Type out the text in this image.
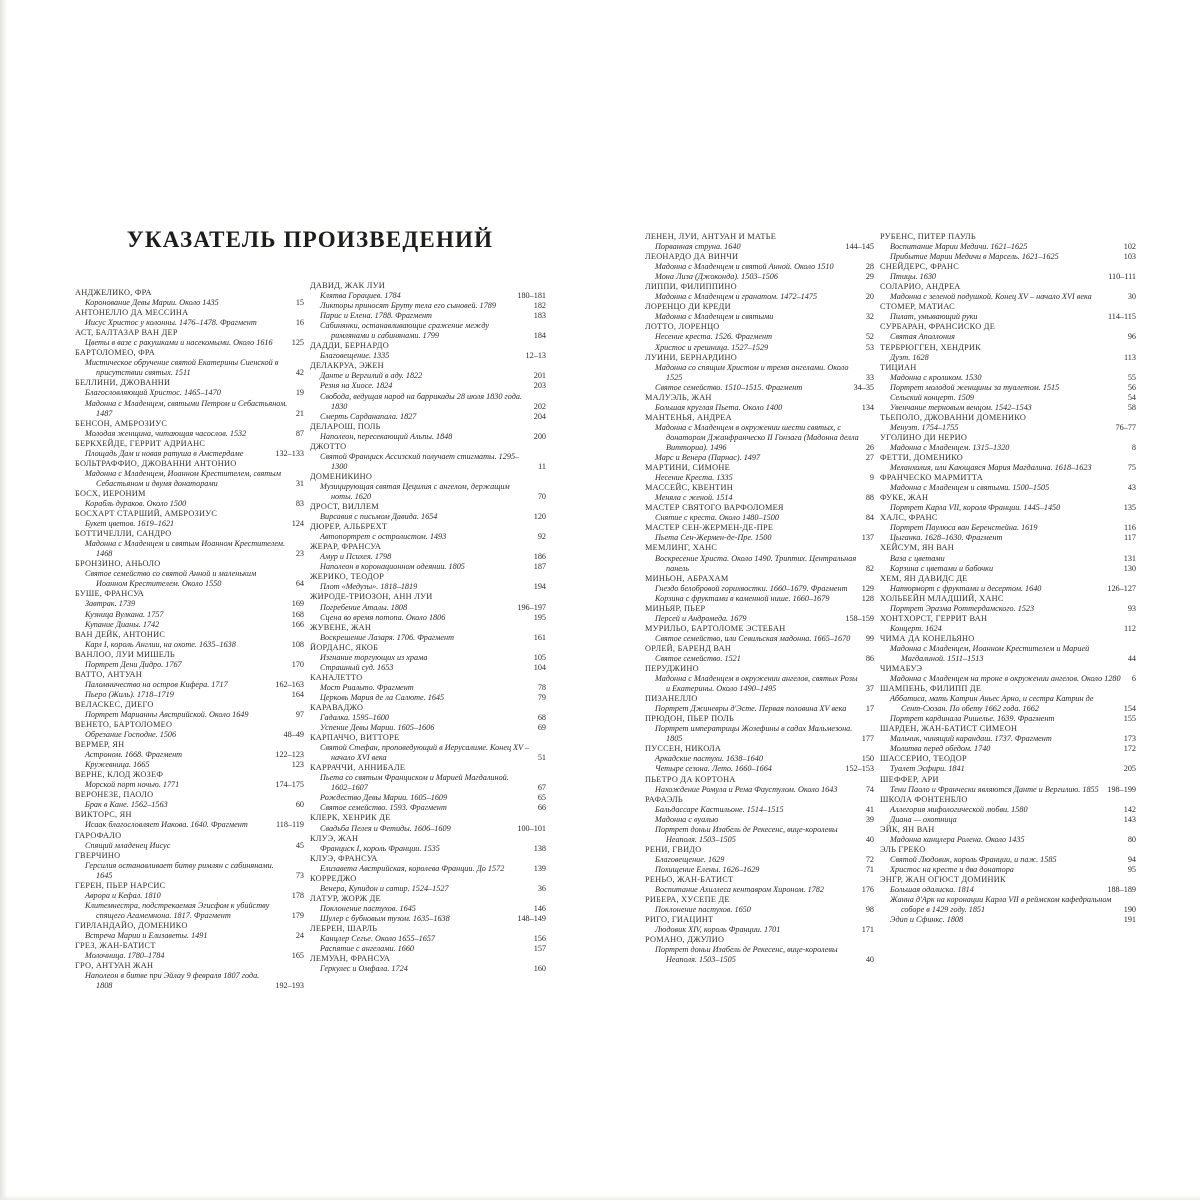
УКАЗАТЕЛЬ ПРОИЗВЕДЕНИЙ
АНДЖЕЛИКО, ФРА
Коронование Девы Марии. Около 1435	15
АНТОНЕЛЛО ДА МЕССИНА
Иисус Христос у колонны. 1476–1478. Фрагмент	16
АСТ, БАЛТАЗАР ВАН ДЕР
Цветы в вазе с ракушками и насекомыми. Около 1616	125
БАРТОЛОМЕО, ФРА
Мистическое обручение святой Екатерины Сиенской в присутствии святых. 1511	42
БЕЛЛИНИ, ДЖОВАННИ
Благословляющий Христос. 1465–1470	19
Мадонна с Младенцем, святыми Петром и Себастьяном. 1487	21
БЕНСОН, АМБРОЗИУС
Молодая женщина, читающая часослов. 1532	87
БЕРКХЕЙДЕ, ГЕРРИТ АДРИАНС
Площадь Дам и новая ратуша в Амстердаме	132–133
БОЛЬТРАФФИО, ДЖОВАННИ АНТОНИО
Мадонна с Младенцем, Иоанном Крестителем, святым Себастьяном и двумя донаторами	31
БОСХ, ИЕРОНИМ
Корабль дураков. Около 1500	83
БОСХАРТ СТАРШИЙ, АМБРОЗИУС
Букет цветов. 1619–1621	124
БОТТИЧЕЛЛИ, САНДРО
Мадонна с Младенцем и святым Иоанном Крестителем. 1468	23
БРОНЗИНО, АНЬОЛО
Святое семейство со святой Анной и маленьким Иоанном Крестителем. Около 1550	64
БУШЕ, ФРАНСУА
Завтрак. 1739	169
Кузница Вулкана. 1757	168
Купание Дианы. 1742	166
ВАН ДЕЙК, АНТОНИС
Карл I, король Англии, на охоте. 1635–1638	108
ВАНЛОО, ЛУИ МИШЕЛЬ
Портрет Дени Дидро. 1767	170
ВАТТО, АНТУАН
Паломничество на остров Кифера. 1717	162–163
Пьеро (Жиль). 1718–1719	164
ВЕЛАСКЕС, ДИЕГО
Портрет Марианны Австрийской. Около 1649	97
ВЕНЕТО, БАРТОЛОМЕО
Обрезание Господне. 1506	48–49
ВЕРМЕР, ЯН
Астроном. 1668. Фрагмент	122–123
Кружевница. 1665	123
ВЕРНЕ, КЛОД ЖОЗЕФ
Морской порт ночью. 1771	174–175
ВЕРОНЕЗЕ, ПАОЛО
Брак в Кане. 1562–1563	60
ВИКТОРС, ЯН
Исаак благословляет Иакова. 1640. Фрагмент	118–119
ГАРОФАЛО
Спящий младенец Иисус	45
ГВЕРЧИНО
Герсилия останавливает битву римлян с сабинянами. 1645	73
ГЕРЕН, ПЬЕР НАРСИС
Аврора и Кефал. 1810	178
Клитемнестра, подстрекаемая Эгисфом к убийству спящего Агамемнона. 1817. Фрагмент	179
ГИРЛАНДАЙО, ДОМЕНИКО
Встреча Марии и Елизаветы. 1491	24
ГРЕЗ, ЖАН-БАТИСТ
Молочница. 1780–1784	165
ГРО, АНТУАН ЖАН
Наполеон в битве при Эйлау 9 февраля 1807 года. 1808	192–193
ДАВИД, ЖАК ЛУИ
Клятва Горациев. 1784	180–181
Ликторы приносят Бруту тела его сыновей. 1789	182
Парис и Елена. 1788. Фрагмент	183
Сабинянки, останавливающие сражение между римлянами и сабинянами. 1799	184
ДАДДИ, БЕРНАРДО
Благовещение. 1335	12–13
ДЕЛАКРУА, ЭЖЕН
Данте и Вергилий в аду. 1822	201
Резня на Хиосе. 1824	203
Свобода, ведущая народ на баррикады 28 июля 1830 года. 1830	202
Смерть Сарданапала. 1827	204
ДЕЛАРОШ, ПОЛЬ
Наполеон, пересекающий Альпы. 1848	200
ДЖОТТО
Святой Франциск Ассизский получает стигматы. 1295–1300	11
ДОМЕНИКИНО
Музицирующая святая Цецилия с ангелом, держащим ноты. 1620	70
ДРОСТ, ВИЛЛЕМ
Вирсавия с письмом Давида. 1654	120
ДЮРЕР, АЛЬБРЕХТ
Автопортрет с остролистом. 1493	92
ЖЕРАР, ФРАНСУА
Амур и Психея. 1798	186
Наполеон в коронационном одеянии. 1805	187
ЖЕРИКО, ТЕОДОР
Плот «Медузы». 1818–1819	194
ЖИРОДЕ-ТРИОЗОН, АНН ЛУИ
Погребение Аталы. 1808	196–197
Сцена во время потопа. Около 1806	195
ЖУВЕНЕ, ЖАН
Воскрешение Лазаря. 1706. Фрагмент	161
ЙОРДАНС, ЯКОБ
Изгнание торгующих из храма	105
Страшный суд. 1653	104
КАНАЛЕТТО
Мост Риальто. Фрагмент	78
Церковь Мария де ла Салюте. 1645	79
КАРАВАДЖО
Гадалка. 1595–1600	68
Успение Девы Марии. 1605–1606	69
КАРПАЧЧО, ВИТТОРЕ
Святой Стефан, проповедующий в Иерусалиме. Конец XV – начало XVI века	51
КАРРАЧЧИ, АННИБАЛЕ
Пьета со святым Франциском и Марией Магдалиной. 1602–1607	67
Рождество Девы Марии. 1605–1609	65
Святое семейство. 1593. Фрагмент	66
КЛЕРК, ХЕНРИК ДЕ
Свадьба Пелея и Фетиды. 1606–1609	100–101
КЛУЭ, ЖАН
Франциск I, король Франции. 1535	138
КЛУЭ, ФРАНСУА
Елизавета Австрийская, королева Франции. До 1572	139
КОРРЕДЖО
Венера, Купидон и сатир. 1524–1527	36
ЛАТУР, ЖОРЖ ДЕ
Поклонение пастухов. 1645	146
Шулер с бубновым тузом. 1635–1638	148–149
ЛЕБРЕН, ШАРЛЬ
Канцлер Сегье. Около 1655–1657	156
Распятие с ангелами. 1660	157
ЛЕМУАН, ФРАНСУА
Геркулес и Омфала. 1724	160
ЛЕНЕН, ЛУИ, АНТУАН И МАТЬЕ
Порванная струна. 1640	144–145
ЛЕОНАРДО ДА ВИНЧИ
Мадонна с Младенцем и святой Анной. Около 1510	28
Мона Лиза (Джоконда). 1503–1506	29
ЛИППИ, ФИЛИППИНО
Мадонна с Младенцем и гранатом. 1472–1475	20
ЛОРЕНЦО ДИ КРЕДИ
Мадонна с Младенцем и святыми	32
ЛОТТО, ЛОРЕНЦО
Несение креста. 1526. Фрагмент	52
Христос и грешница. 1527–1529	53
ЛУИНИ, БЕРНАРДИНО
Мадонна со спящим Христом и тремя ангелами. Около 1525	33
Святое семейство. 1510–1515. Фрагмент	34–35
МАЛУЭЛЬ, ЖАН
Большая круглая Пьета. Около 1400	134
МАНТЕНЬЯ, АНДРЕА
Мадонна с Младенцем в окружении шести святых, с донатором Джанфранческо II Гонзага (Мадонна делла Витториа). 1496	26
Марс и Венера (Парнас). 1497	27
МАРТИНИ, СИМОНЕ
Несение Креста. 1335	9
МАССЕЙС, КВЕНТИН
Меняла с женой. 1514	88
МАСТЕР СВЯТОГО ВАРФОЛОМЕЯ
Снятие с креста. Около 1480–1500	84
МАСТЕР СЕН-ЖЕРМЕН-ДЕ-ПРЕ
Пьета Сен-Жермен-де-Пре. 1500	137
МЕМЛИНГ, ХАНС
Воскресение Христа. Около 1490. Триптих. Центральная панель	82
МИНЬОН, АБРАХАМ
Гнездо белобровой горихвостки. 1660–1679. Фрагмент	129
Корзина с фруктами в каменной нише. 1660–1679	128
МИНЬЯР, ПЬЕР
Персей и Андромеда. 1679	158–159
МУРИЛЬО, БАРТОЛОМЕ ЭСТЕБАН
Святое семейство, или Севильская мадонна. 1665–1670	99
ОРЛЕЙ, БАРЕНД ВАН
Святое семейство. 1521	86
ПЕРУДЖИНО
Мадонна с Младенцем в окружении ангелов, святых Розы и Екатерины. Около 1490–1495	37
ПИЗАНЕЛЛО
Портрет Джиневры д'Эсте. Первая половина XV века	17
ПРЮДОН, ПЬЕР ПОЛЬ
Портрет императрицы Жозефины в садах Мальмезона. 1805	177
ПУССЕН, НИКОЛА
Аркадские пастухи. 1638–1640	150
Четыре сезона. Лето. 1660–1664	152–153
ПЬЕТРО ДА КОРТОНА
Нахождение Ромула и Рема Фаустулом. Около 1643	74
РАФАЭЛЬ
Бальдассаре Кастильоне. 1514–1515	41
Мадонна с вуалью	39
Портрет доньи Изабель де Рекесенс, вице-королевы Неаполя. 1503–1505	40
РЕНИ, ГВИДО
Благовещение. 1629	72
Похищение Елены. 1626–1629	71
РЕНЬО, ЖАН-БАТИСТ
Воспитание Ахиллеса кентавром Хироном. 1782	176
РИБЕРА, ХУСЕПЕ ДЕ
Поклонение пастухов. 1650	98
РИГО, ГИАЦИНТ
Людовик XIV, король Франции. 1701	171
РОМАНО, ДЖУЛИО
Портрет доньи Изабель де Рекесенс, вице-королевы Неаполя. 1503–1505	40
РУБЕНС, ПИТЕР ПАУЛЬ
Воспитание Марии Медичи. 1621–1625	102
Прибытие Марии Медичи в Марсель. 1621–1625	103
СНЕЙДЕРС, ФРАНС
Птицы. 1630	110–111
СОЛАРИО, АНДРЕА
Мадонна с зеленой подушкой. Конец XV – начало XVI века	30
СТОМЕР, МАТИАС
Пилат, умывающий руки	114–115
СУРБАРАН, ФРАНСИСКО ДЕ
Святая Аполлония	96
ТЕРБРЮГГЕН, ХЕНДРИК
Дуэт. 1628	113
ТИЦИАН
Мадонна с кроликом. 1530	55
Портрет молодой женщины за туалетом. 1515	56
Сельский концерт. 1509	54
Увенчание терновым венцом. 1542–1543	58
ТЬЕПОЛО, ДЖОВАННИ ДОМЕНИКО
Менуэт. 1754–1755	76–77
УГОЛИНО ДИ НЕРИО
Мадонна с Младенцем. 1315–1320	8
ФЕТТИ, ДОМЕНИКО
Меланхолия, или Кающаяся Мария Магдалина. 1618–1623	75
ФРАНЧЕСКО МАРМИТТА
Мадонна с Младенцем и святыми. 1500–1505	43
ФУКЕ, ЖАН
Портрет Карла VII, короля Франции. 1445–1450	135
ХАЛС, ФРАНС
Портрет Паулюса ван Беренстейна. 1619	116
Цыганка. 1628–1630. Фрагмент	117
ХЕЙСУМ, ЯН ВАН
Ваза с цветами	131
Корзина с цветами и бабочки	130
ХЕМ, ЯН ДАВИДС ДЕ
Натюрморт с фруктами и десертом. 1640	126–127
ХОЛЬБЕЙН МЛАДШИЙ, ХАНС
Портрет Эразма Роттердамского. 1523	93
ХОНТХОРСТ, ГЕРРИТ ВАН
Концерт. 1624	112
ЧИМА ДА КОНЕЛЬЯНО
Мадонна с Младенцем, Иоанном Крестителем и Марией Магдалиной. 1511–1513	44
ЧИМАБУЭ
Мадонна с Младенцем на троне в окружении ангелов. Около 1280	6
ШАМПЕНЬ, ФИЛИПП ДЕ
Аббатиса, мать Катрин Аньес Арно, и сестра Катрин де Сент-Сюзан. По обету 1662 года. 1662	154
Портрет кардинала Ришелье. 1639. Фрагмент	155
ШАРДЕН, ЖАН-БАТИСТ СИМЕОН
Мальчик, чинящий карандаш. 1737. Фрагмент	173
Молитва перед обедом. 1740	172
ШАССЕРИО, ТЕОДОР
Туалет Эсфири. 1841	205
ШЕФФЕР, АРИ
Тени Паоло и Франчески являются Данте и Вергилию. 1855 198–199
ШКОЛА ФОНТЕНБЛО
Аллегория мифологической любви. 1580	142
Диана — охотница	143
ЭЙК, ЯН ВАН
Мадонна канцлера Ролена. Около 1435	80
ЭЛЬ ГРЕКО
Святой Людовик, король Франции, и паж. 1585	94
Христос на кресте и два донатора	95
ЭНГР, ЖАН ОГЮСТ ДОМИНИК
Большая одалиска. 1814	188–189
Жанна д'Арк на коронации Карла VII в реймском кафедральном соборе в 1429 году. 1851	190
Эдип и Сфинкс. 1808	191
